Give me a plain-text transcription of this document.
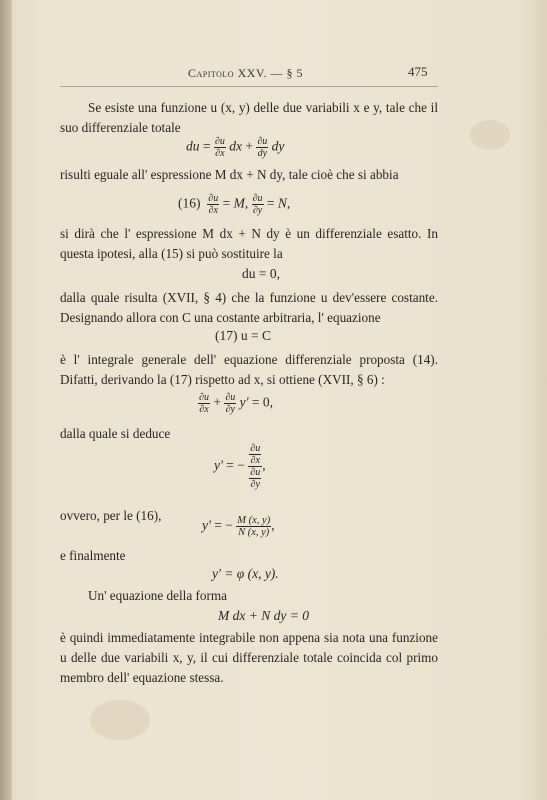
Capitolo XXV. — § 5	475
Se esiste una funzione u (x, y) delle due variabili x e y, tale che il suo differenziale totale
du = $\frac{\partial u}{\partial x}$ dx + $\frac{\partial u}{dy}$ dy
risulti eguale all' espressione M dx + N dy, tale cioè che si abbia
$(16) \frac{\partial u}{\partial x} = M$, $\frac{\partial u}{\partial y} = N$,
si dirà che l' espressione M dx + N dy è un differenziale esatto. In questa ipotesi, alla (15) si può sostituire la
du = 0,
dalla quale risulta (XVII, § 4) che la funzione u dev'essere costante. Designando allora con C una costante arbitraria, l' equazione
(17) u = C
è l' integrale generale dell' equazione differenziale proposta (14). Difatti, derivando la (17) rispetto ad x, si ottiene (XVII, § 6) :
$\frac{\partial u}{\partial x} + \frac{\partial u}{\partial y} y' = 0$,
dalla quale si deduce
y' = − $\frac{\frac{\partial u}{\partial x}}{\frac{\partial u}{\partial y}}$ ,
ovvero, per le (16),
y' = − $\frac{M (x, y)}{N (x, y)}$ ,
e finalmente
y' = φ (x, y).
Un' equazione della forma
M dx + N dy = 0
è quindi immediatamente integrabile non appena sia nota una funzione u delle due variabili x, y, il cui differenziale totale coincida col primo membro dell' equazione stessa.
